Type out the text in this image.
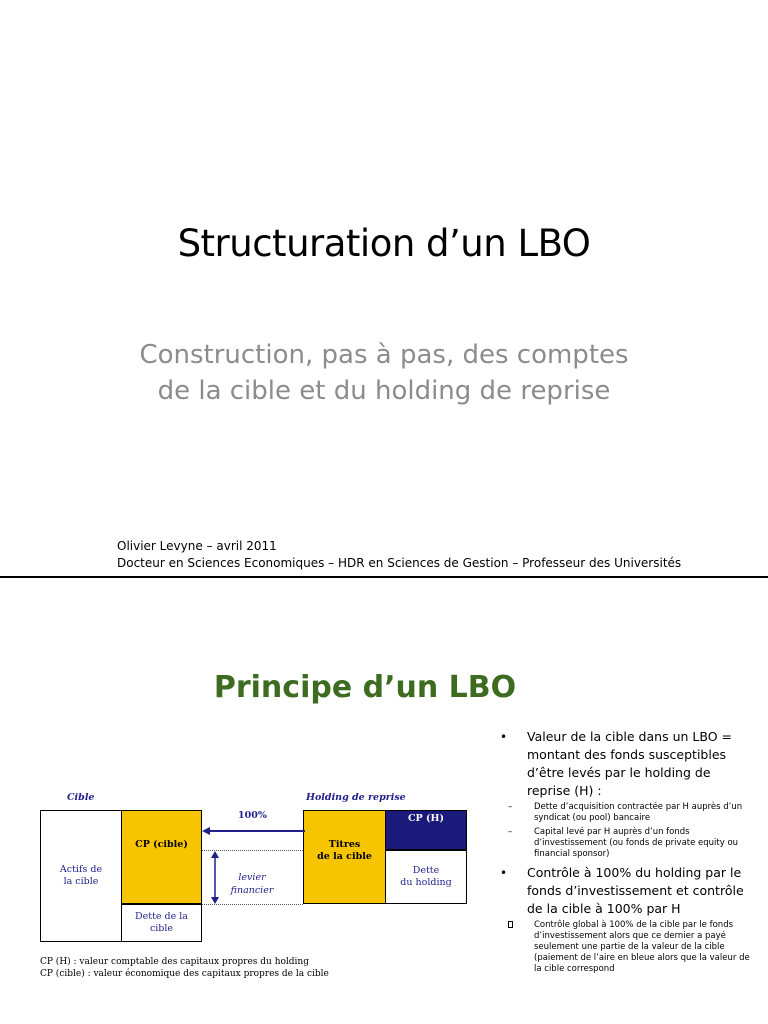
Structuration d’un LBO
Construction, pas à pas, des comptes
de la cible et du holding de reprise
Olivier Levyne – avril 2011
Docteur en Sciences Economiques – HDR en Sciences de Gestion – Professeur des Universités
Principe d’un LBO
Cible	Holding de reprise
Actifs de
la cible
CP (cible)
Dette de la cible
Titres
de la cible
CP (H)
Dette
du holding
100%
levier
financier
CP (H) : valeur comptable des capitaux propres du holding
CP (cible) : valeur économique des capitaux propres de la cible
• Valeur de la cible dans un LBO = montant des fonds susceptibles d’être levés par le holding de reprise (H) :
–	Dette d’acquisition contractée par H auprès d’un syndicat (ou pool) bancaire
–	Capital levé par H auprès d’un fonds d’investissement (ou fonds de private equity ou financial sponsor)
• Contrôle à 100% du holding par le fonds d’investissement et contrôle de la cible à 100% par H
Contrôle global à 100% de la cible par le fonds d’investissement alors que ce dernier a payé seulement une partie de la valeur de la cible (paiement de l’aire en bleue alors que la valeur de la cible correspond
